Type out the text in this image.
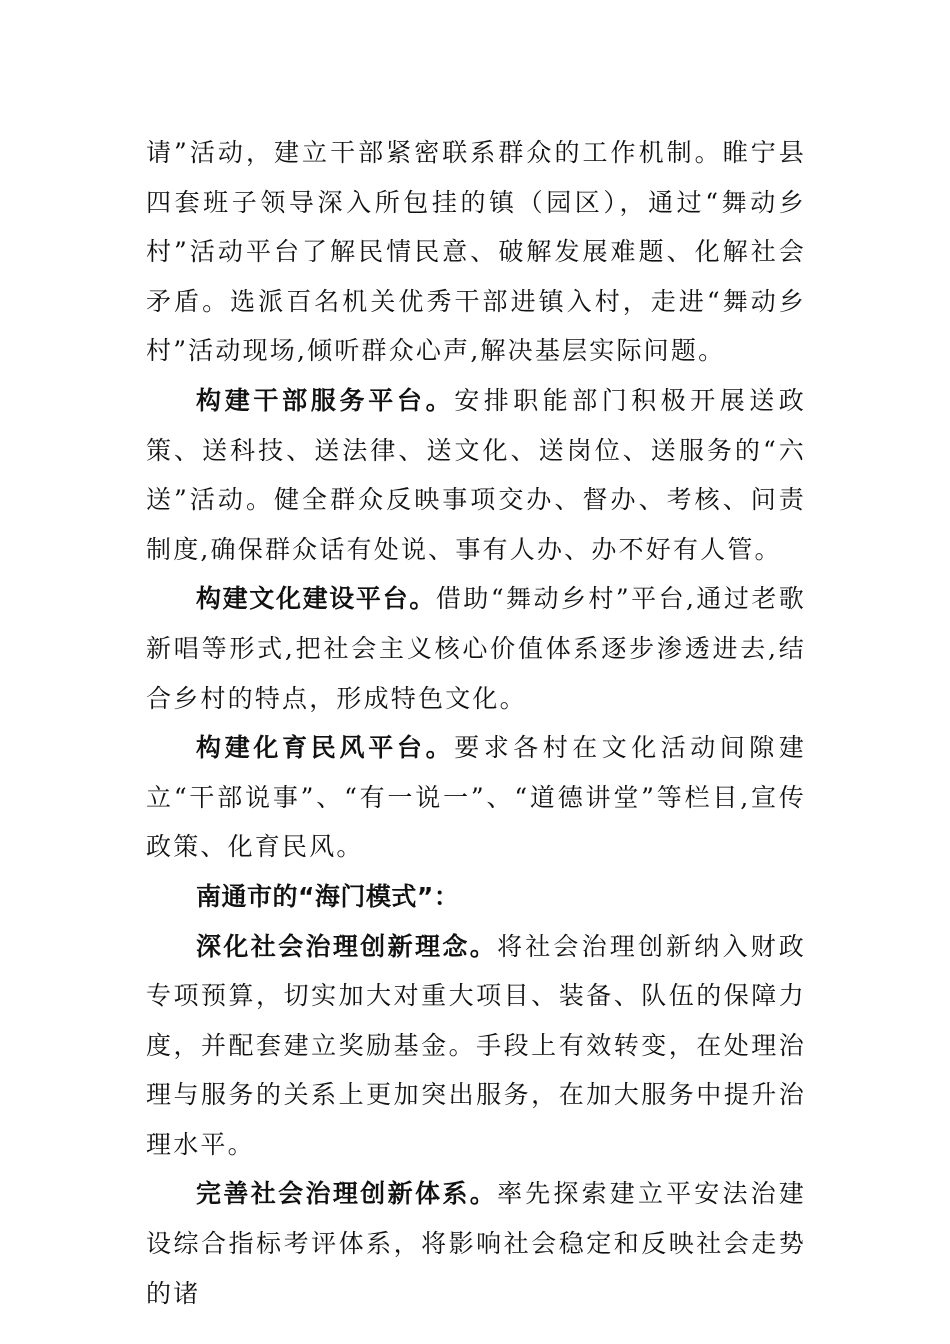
请”活动，建立干部紧密联系群众的工作机制。睢宁县四套班子领导深入所包挂的镇（园区），通过“舞动乡村”活动平台了解民情民意、破解发展难题、化解社会矛盾。选派百名机关优秀干部进镇入村，走进“舞动乡村”活动现场,倾听群众心声,解决基层实际问题。

构建干部服务平台。安排职能部门积极开展送政策、送科技、送法律、送文化、送岗位、送服务的“六送”活动。健全群众反映事项交办、督办、考核、问责制度,确保群众话有处说、事有人办、办不好有人管。

构建文化建设平台。借助“舞动乡村”平台,通过老歌新唱等形式,把社会主义核心价值体系逐步渗透进去,结合乡村的特点，形成特色文化。

构建化育民风平台。要求各村在文化活动间隙建立“干部说事”、“有一说一”、“道德讲堂”等栏目,宣传政策、化育民风。

南通市的“海门模式”：

深化社会治理创新理念。将社会治理创新纳入财政专项预算，切实加大对重大项目、装备、队伍的保障力度，并配套建立奖励基金。手段上有效转变，在处理治理与服务的关系上更加突出服务，在加大服务中提升治理水平。

完善社会治理创新体系。率先探索建立平安法治建设综合指标考评体系，将影响社会稳定和反映社会走势的诸
